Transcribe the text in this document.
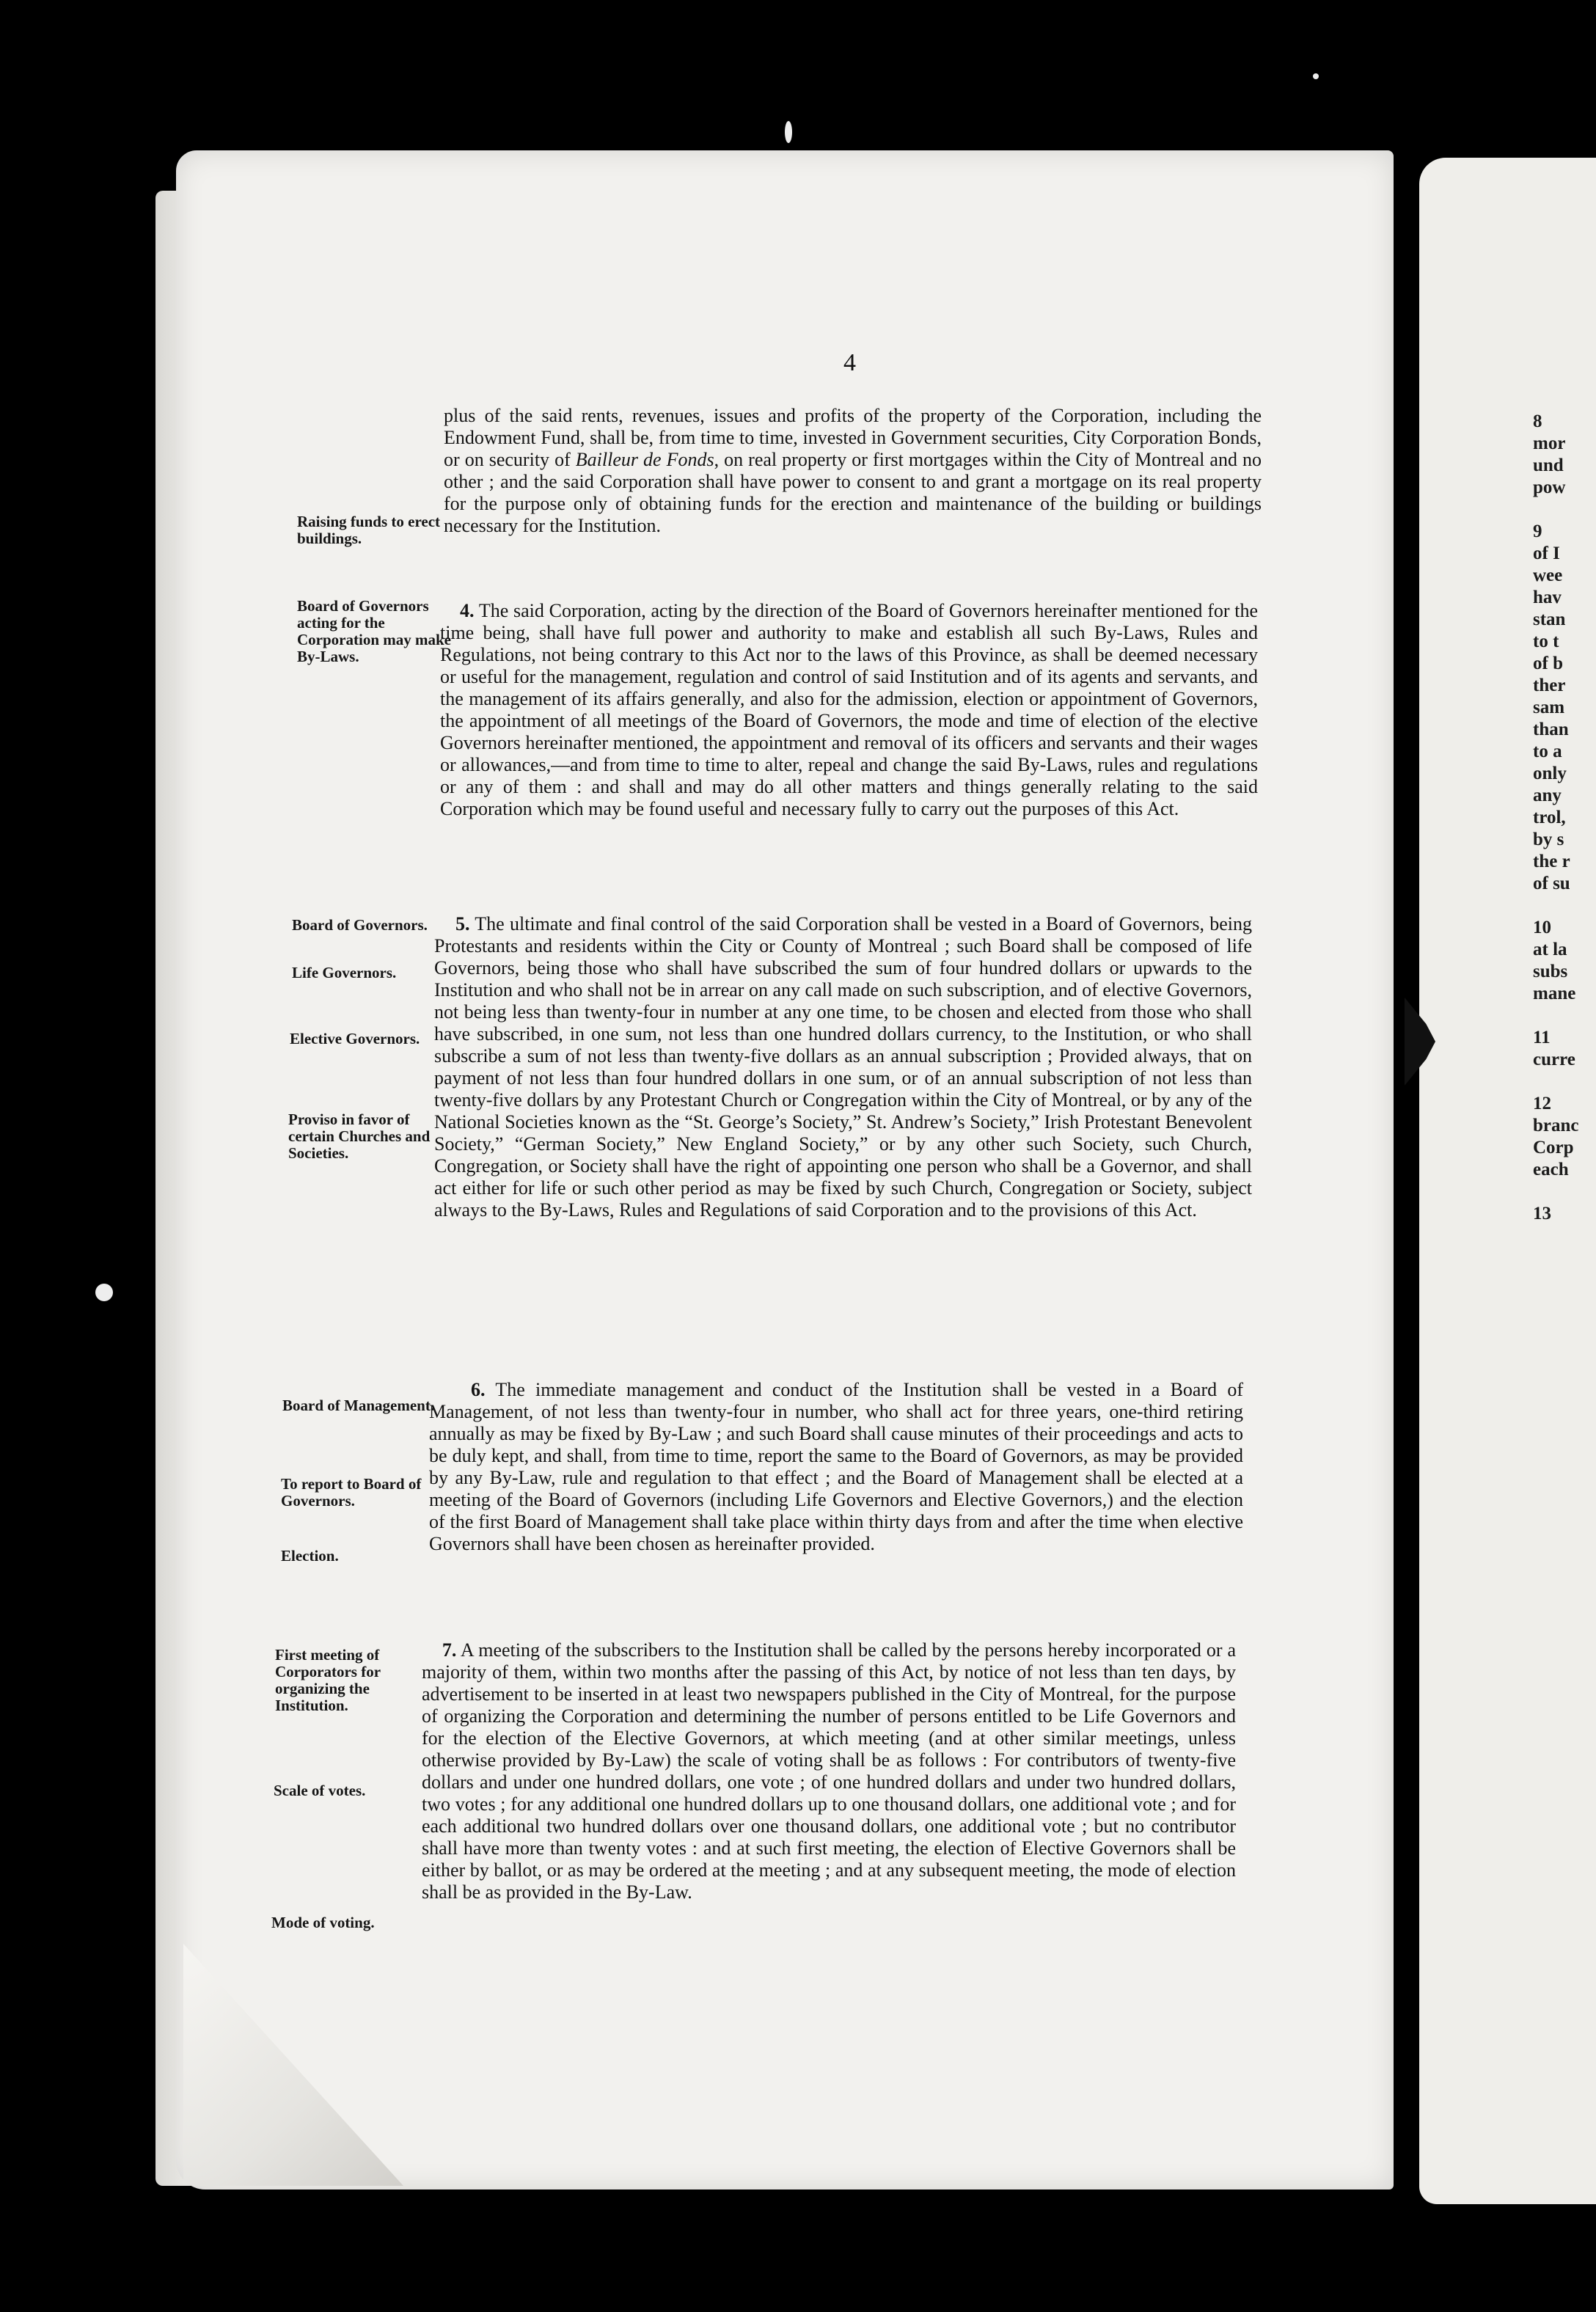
8
mor
und
pow

9
of I
wee
hav
stan
to t
of b
ther
sam
than
to a
only
any
trol,
by s
the r
of su

10
at la
subs
mane

11
curre

12
branc
Corp
each

13
4
plus of the said rents, revenues, issues and profits of the property of the Corporation, including the Endowment Fund, shall be, from time to time, invested in Government securities, City Corporation Bonds, or on security of Bailleur de Fonds, on real property or first mortgages within the City of Montreal and no other ; and the said Corporation shall have power to consent to and grant a mortgage on its real property for the purpose only of obtaining funds for the erection and maintenance of the building or buildings necessary for the Institution.
4. The said Corporation, acting by the direction of the Board of Governors hereinafter mentioned for the time being, shall have full power and authority to make and establish all such By-Laws, Rules and Regulations, not being contrary to this Act nor to the laws of this Province, as shall be deemed necessary or useful for the management, regulation and control of said Institution and of its agents and servants, and the management of its affairs generally, and also for the admission, election or appointment of Governors, the appointment of all meetings of the Board of Governors, the mode and time of election of the elective Governors hereinafter mentioned, the appointment and removal of its officers and servants and their wages or allowances,—and from time to time to alter, repeal and change the said By-Laws, rules and regulations or any of them : and shall and may do all other matters and things generally relating to the said Corporation which may be found useful and necessary fully to carry out the purposes of this Act.
5. The ultimate and final control of the said Corporation shall be vested in a Board of Governors, being Protestants and residents within the City or County of Montreal ; such Board shall be composed of life Governors, being those who shall have subscribed the sum of four hundred dollars or upwards to the Institution and who shall not be in arrear on any call made on such subscription, and of elective Governors, not being less than twenty-four in number at any one time, to be chosen and elected from those who shall have subscribed, in one sum, not less than one hundred dollars currency, to the Institution, or who shall subscribe a sum of not less than twenty-five dollars as an annual subscription ; Provided always, that on payment of not less than four hundred dollars in one sum, or of an annual subscription of not less than twenty-five dollars by any Protestant Church or Congregation within the City of Montreal, or by any of the National Societies known as the “St. George’s Society,” St. Andrew’s Society,” Irish Protestant Benevolent Society,” “German Society,” New England Society,” or by any other such Society, such Church, Congregation, or Society shall have the right of appointing one person who shall be a Governor, and shall act either for life or such other period as may be fixed by such Church, Congregation or Society, subject always to the By-Laws, Rules and Regulations of said Corporation and to the provisions of this Act.
6. The immediate management and conduct of the Institution shall be vested in a Board of Management, of not less than twenty-four in number, who shall act for three years, one-third retiring annually as may be fixed by By-Law ; and such Board shall cause minutes of their proceedings and acts to be duly kept, and shall, from time to time, report the same to the Board of Governors, as may be provided by any By-Law, rule and regulation to that effect ; and the Board of Management shall be elected at a meeting of the Board of Governors (including Life Governors and Elective Governors,) and the election of the first Board of Management shall take place within thirty days from and after the time when elective Governors shall have been chosen as hereinafter provided.
7. A meeting of the subscribers to the Institution shall be called by the persons hereby incorporated or a majority of them, within two months after the passing of this Act, by notice of not less than ten days, by advertisement to be inserted in at least two newspapers published in the City of Montreal, for the purpose of organizing the Corporation and determining the number of persons entitled to be Life Governors and for the election of the Elective Governors, at which meeting (and at other similar meetings, unless otherwise provided by By-Law) the scale of voting shall be as follows : For contributors of twenty-five dollars and under one hundred dollars, one vote ; of one hundred dollars and under two hundred dollars, two votes ; for any additional one hundred dollars up to one thousand dollars, one additional vote ; and for each additional two hundred dollars over one thousand dollars, one additional vote ; but no contributor shall have more than twenty votes : and at such first meeting, the election of Elective Governors shall be either by ballot, or as may be ordered at the meeting ; and at any subsequent meeting, the mode of election shall be as provided in the By-Law.
Raising funds to erect buildings.
Board of Governors acting for the Corporation may make By-Laws.
Board of Governors.
Life Governors.
Elective Governors.
Proviso in favor of certain Churches and Societies.
Board of Management.
To report to Board of Governors.
Election.
First meeting of Corporators for organizing the Institution.
Scale of votes.
Mode of voting.
